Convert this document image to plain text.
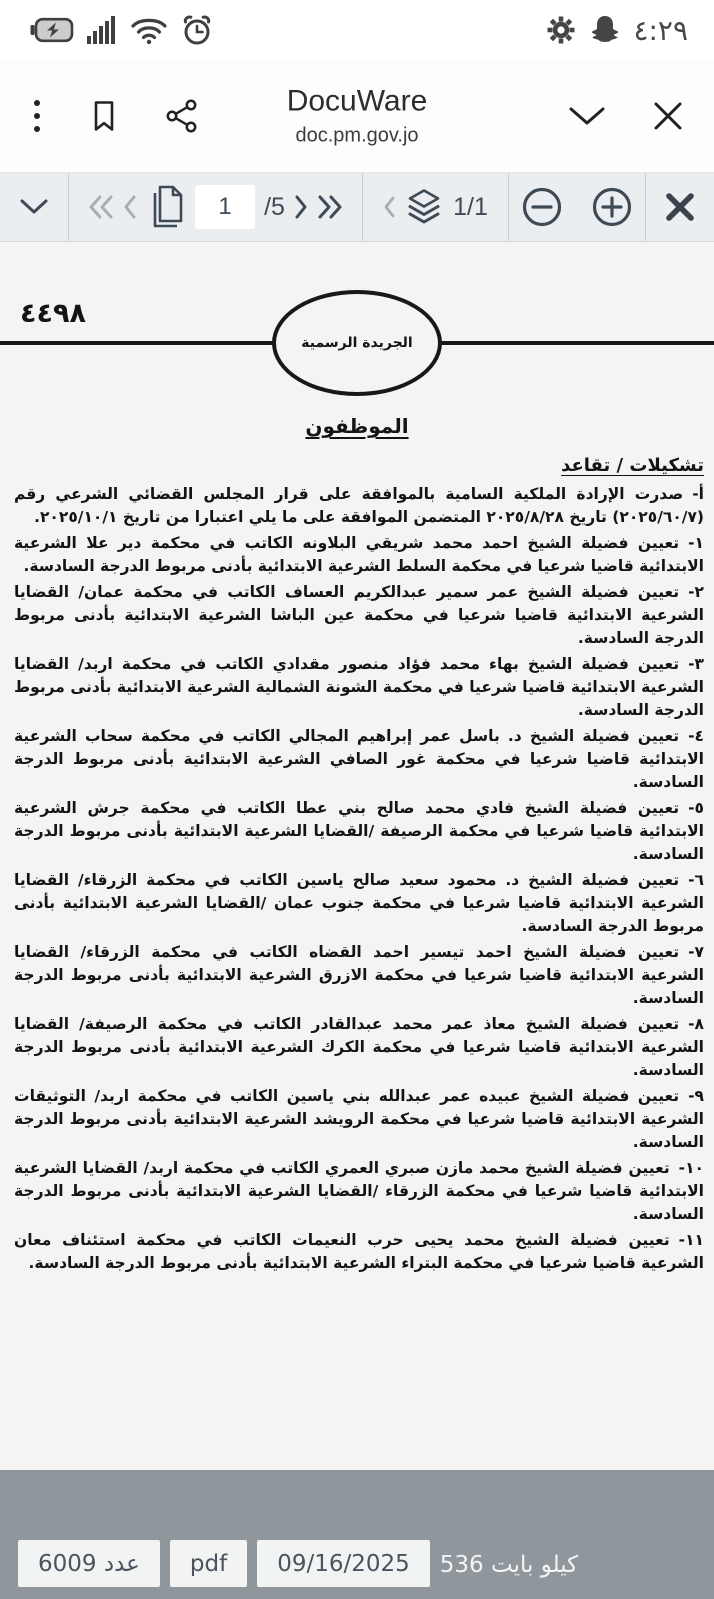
٤:٢٩
DocuWare
doc.pm.gov.jo
1
/5	1/1
٤٤٩٨
الجريدة الرسمية
الموظفون
تشكيلات / تقاعد

أ-صدرت الإرادة الملكية السامية بالموافقة على قرار المجلس القضائي الشرعي رقم (٢٠٢٥/٦٠/٧) تاريخ ٢٠٢٥/٨/٢٨ المتضمن الموافقة على ما يلي اعتبارا من تاريخ ٢٠٢٥/١٠/١.

١-تعيين فضيلة الشيخ احمد محمد شريقي البلاونه الكاتب في محكمة دير علا الشرعية الابتدائية قاضيا شرعيا في محكمة السلط الشرعية الابتدائية بأدنى مربوط الدرجة السادسة.

٢-تعيين فضيلة الشيخ عمر سمير عبدالكريم العساف الكاتب في محكمة عمان/ القضايا الشرعية الابتدائية قاضيا شرعيا في محكمة عين الباشا الشرعية الابتدائية بأدنى مربوط الدرجة السادسة.

٣-تعيين فضيلة الشيخ بهاء محمد فؤاد منصور مقدادي الكاتب في محكمة اربد/ القضايا الشرعية الابتدائية قاضيا شرعيا في محكمة الشونة الشمالية الشرعية الابتدائية بأدنى مربوط الدرجة السادسة.

٤-تعيين فضيلة الشيخ د. باسل عمر إبراهيم المجالي الكاتب في محكمة سحاب الشرعية الابتدائية قاضيا شرعيا في محكمة غور الصافي الشرعية الابتدائية بأدنى مربوط الدرجة السادسة.

٥-تعيين فضيلة الشيخ فادي محمد صالح بني عطا الكاتب في محكمة جرش الشرعية الابتدائية قاضيا شرعيا في محكمة الرصيفة /القضايا الشرعية الابتدائية بأدنى مربوط الدرجة السادسة.

٦-تعيين فضيلة الشيخ د. محمود سعيد صالح ياسين الكاتب في محكمة الزرقاء/ القضايا الشرعية الابتدائية قاضيا شرعيا في محكمة جنوب عمان /القضايا الشرعية الابتدائية بأدنى مربوط الدرجة السادسة.

٧-تعيين فضيلة الشيخ احمد تيسير احمد القضاه الكاتب في محكمة الزرقاء/ القضايا الشرعية الابتدائية قاضيا شرعيا في محكمة الازرق الشرعية الابتدائية بأدنى مربوط الدرجة السادسة.

٨-تعيين فضيلة الشيخ معاذ عمر محمد عبدالقادر الكاتب في محكمة الرصيفة/ القضايا الشرعية الابتدائية قاضيا شرعيا في محكمة الكرك الشرعية الابتدائية بأدنى مربوط الدرجة السادسة.

٩-تعيين فضيلة الشيخ عبيده عمر عبدالله بني ياسين الكاتب في محكمة اربد/ التوثيقات الشرعية الابتدائية قاضيا شرعيا في محكمة الرويشد الشرعية الابتدائية بأدنى مربوط الدرجة السادسة.

١٠-تعيين فضيلة الشيخ محمد مازن صبري العمري الكاتب في محكمة اربد/ القضايا الشرعية الابتدائية قاضيا شرعيا في محكمة الزرقاء /القضايا الشرعية الابتدائية بأدنى مربوط الدرجة السادسة.

١١-تعيين فضيلة الشيخ محمد يحيى حرب النعيمات الكاتب في محكمة استئناف معان الشرعية قاضيا شرعيا في محكمة البتراء الشرعية الابتدائية بأدنى مربوط الدرجة السادسة.

عدد 6009	pdf	09/16/2025	كيلو بايت 536
